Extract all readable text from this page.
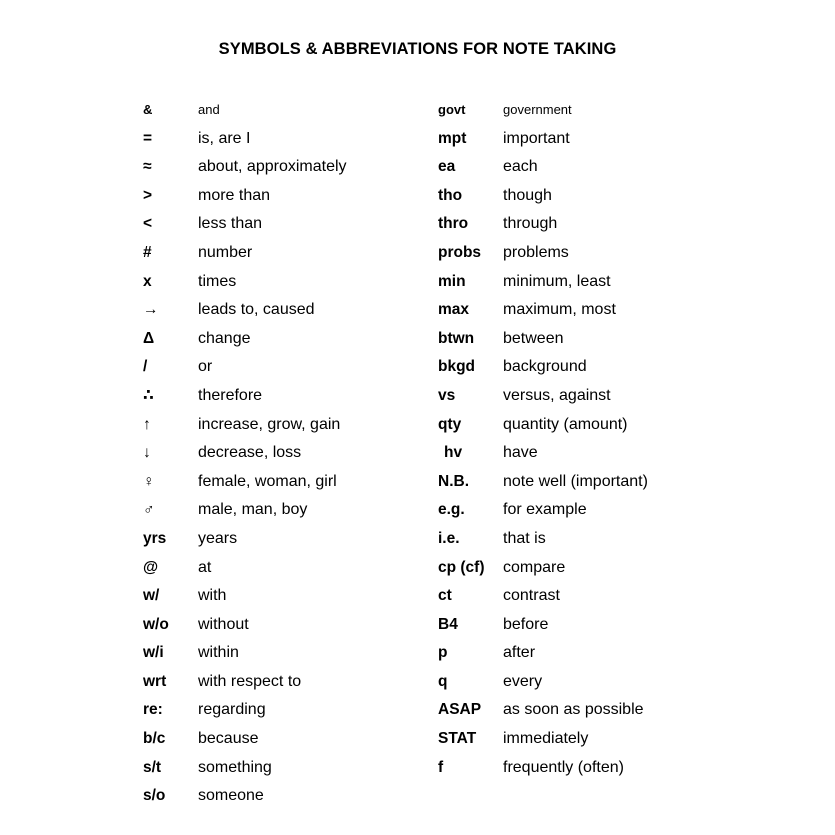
SYMBOLS & ABBREVIATIONS FOR NOTE TAKING
&	and
=	is, are I
≈	about, approximately
>	more than
<	less than
#	number
x	times
→ leads to, caused
Δ	change
/	or
∴	therefore
↑	increase, grow, gain
↓	decrease, loss
♀	female, woman, girl
♂	male, man, boy
yrs years
@ at
w/ with
w/o without
w/i within
wrt with respect to
re: regarding
b/c because
s/t something
s/o someone
govt	government
mpt important
ea	each
tho	though
thro through
probs problems
min minimum, least
max maximum, most
btwn between
bkgd background
vs	versus, against
qty	quantity (amount)
hv	have
N.B. note well (important)
e.g. for example
i.e.	that is
cp (cf) compare
ct	contrast
B4	before
p	after
q	every
ASAP as soon as possible
STAT immediately
f	frequently (often)
